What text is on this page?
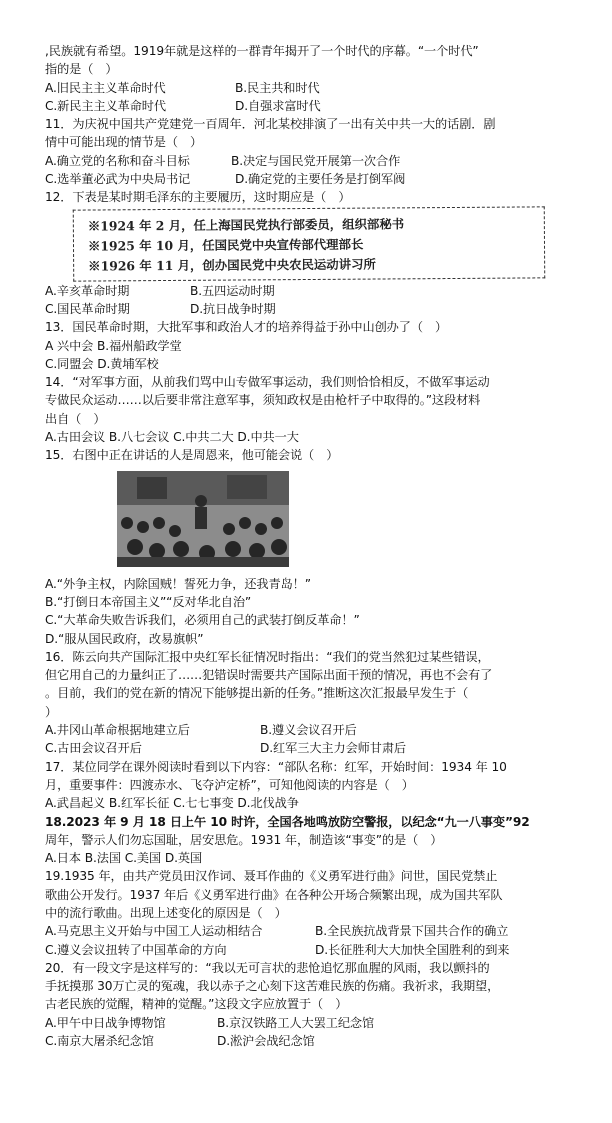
,民族就有希望。1919年就是这样的一群青年揭开了一个时代的序幕。“一个时代”
指的是（　）
A.旧民主主义革命时代	B.民主共和时代
C.新民主主义革命时代	D.自强求富时代
11．为庆祝中国共产党建党一百周年．河北某校排演了一出有关中共一大的话剧．剧
情中可能出现的情节是（　）
A.确立党的名称和奋斗目标	B.决定与国民党开展第一次合作
C.选举董必武为中央局书记	D.确定党的主要任务是打倒军阀
12．下表是某时期毛泽东的主要履历，这时期应是（　）
※1924 年 2 月，任上海国民党执行部委员，组织部秘书
※1925 年 10 月，任国民党中央宣传部代理部长
※1926 年 11 月，创办国民党中央农民运动讲习所
A.辛亥革命时期	B.五四运动时期
C.国民革命时期	D.抗日战争时期
13．国民革命时期，大批军事和政治人才的培养得益于孙中山创办了（　）
A 兴中会 B.福州船政学堂
C.同盟会 D.黄埔军校
14．“对军事方面，从前我们骂中山专做军事运动，我们则恰恰相反，不做军事运动
专做民众运动……以后要非常注意军事，须知政权是由枪杆子中取得的。”这段材料
出自（　）
A.古田会议 B.八七会议 C.中共二大 D.中共一大
15．右图中正在讲话的人是周恩来，他可能会说（　）
A.“外争主权，内除国贼！誓死力争，还我青岛！”
B.“打倒日本帝国主义”“反对华北自治”
C.“大革命失败告诉我们，必须用自己的武装打倒反革命！”
D.“服从国民政府，改易旗帜”
16．陈云向共产国际汇报中央红军长征情况时指出：“我们的党当然犯过某些错误，
但它用自己的力量纠正了……犯错误时需要共产国际出面干预的情况，再也不会有了
。目前，我们的党在新的情况下能够提出新的任务。”推断这次汇报最早发生于（
）
A.井冈山革命根据地建立后	B.遵义会议召开后
C.古田会议召开后	D.红军三大主力会师甘肃后
17．某位同学在课外阅读时看到以下内容：“部队名称：红军，开始时间：1934 年 10
月，重要事件：四渡赤水、飞夺泸定桥”，可知他阅读的内容是（　）
A.武昌起义 B.红军长征 C.七七事变 D.北伐战争
18.2023 年 9 月 18 日上午 10 时许，全国各地鸣放防空警报，以纪念“九一八事变”92
周年，警示人们勿忘国耻，居安思危。1931 年，制造该“事变”的是（　）
A.日本 B.法国 C.美国 D.英国
19.1935 年，由共产党员田汉作词、聂耳作曲的《义勇军进行曲》问世，国民党禁止
歌曲公开发行。1937 年后《义勇军进行曲》在各种公开场合频繁出现，成为国共军队
中的流行歌曲。出现上述变化的原因是（　）
A.马克思主义开始与中国工人运动相结合	B.全民族抗战背景下国共合作的确立
C.遵义会议扭转了中国革命的方向	D.长征胜利大大加快全国胜利的到来
20．有一段文字是这样写的：“我以无可言状的悲怆追忆那血腥的风雨，我以颤抖的
手抚摸那 30万亡灵的冤魂，我以赤子之心刻下这苦难民族的伤痛。我祈求，我期望，
古老民族的觉醒，精神的觉醒。”这段文字应放置于（　）
A.甲午中日战争博物馆	B.京汉铁路工人大罢工纪念馆
C.南京大屠杀纪念馆	D.淞沪会战纪念馆
